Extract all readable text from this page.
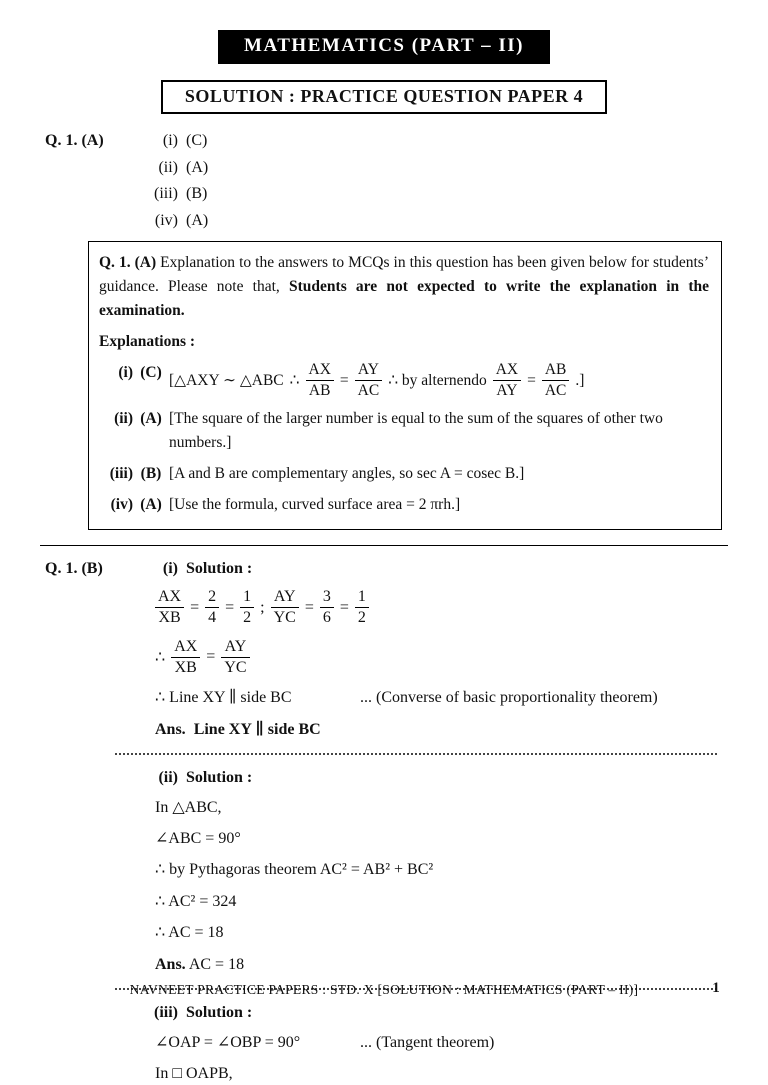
MATHEMATICS (PART – II)
SOLUTION : PRACTICE QUESTION PAPER 4
Q. 1. (A)	(i) (C)
(ii) (A)
(iii) (B)
(iv) (A)

Q. 1. (A) Explanation to the answers to MCQs in this question has been given below for students’ guidance. Please note that, Students are not expected to write the explanation in the examination.

Explanations :

(i) (C) [△AXY ∼ △ABC ∴ $\frac{AX}{AB} = \frac{AY}{AC}$ ∴ by alternendo $\frac{AX}{AY} = \frac{AB}{AC}$ .]
(ii) (A) [The square of the larger number is equal to the sum of the squares of other two numbers.]
(iii) (B) [A and B are complementary angles, so sec A = cosec B.]
(iv) (A) [Use the formula, curved surface area = 2 πrh.]
Q. 1. (B)	(i) Solution :
$\frac{AX}{XB} = \frac{2}{4} = \frac{1}{2}$ ; $\frac{AY}{YC} = \frac{3}{6} = \frac{1}{2}$
∴ $\frac{AX}{XB} = \frac{AY}{YC}$
∴ Line XY ∥ side BC	... (Converse of basic proportionality theorem)
Ans.
Line XY ∥ side BC
(ii) Solution :

In △ABC,

∠ABC = 90°

∴ by Pythagoras theorem AC² = AB² + BC²

∴ AC² = 324

∴ AC = 18

Ans. AC = 18

(iii) Solution :
∠OAP = ∠OBP = 90°	... (Tangent theorem)

In □ OAPB,

NAVNEET PRACTICE PAPERS : STD. X [SOLUTION : MATHEMATICS (PART – II)]	1
